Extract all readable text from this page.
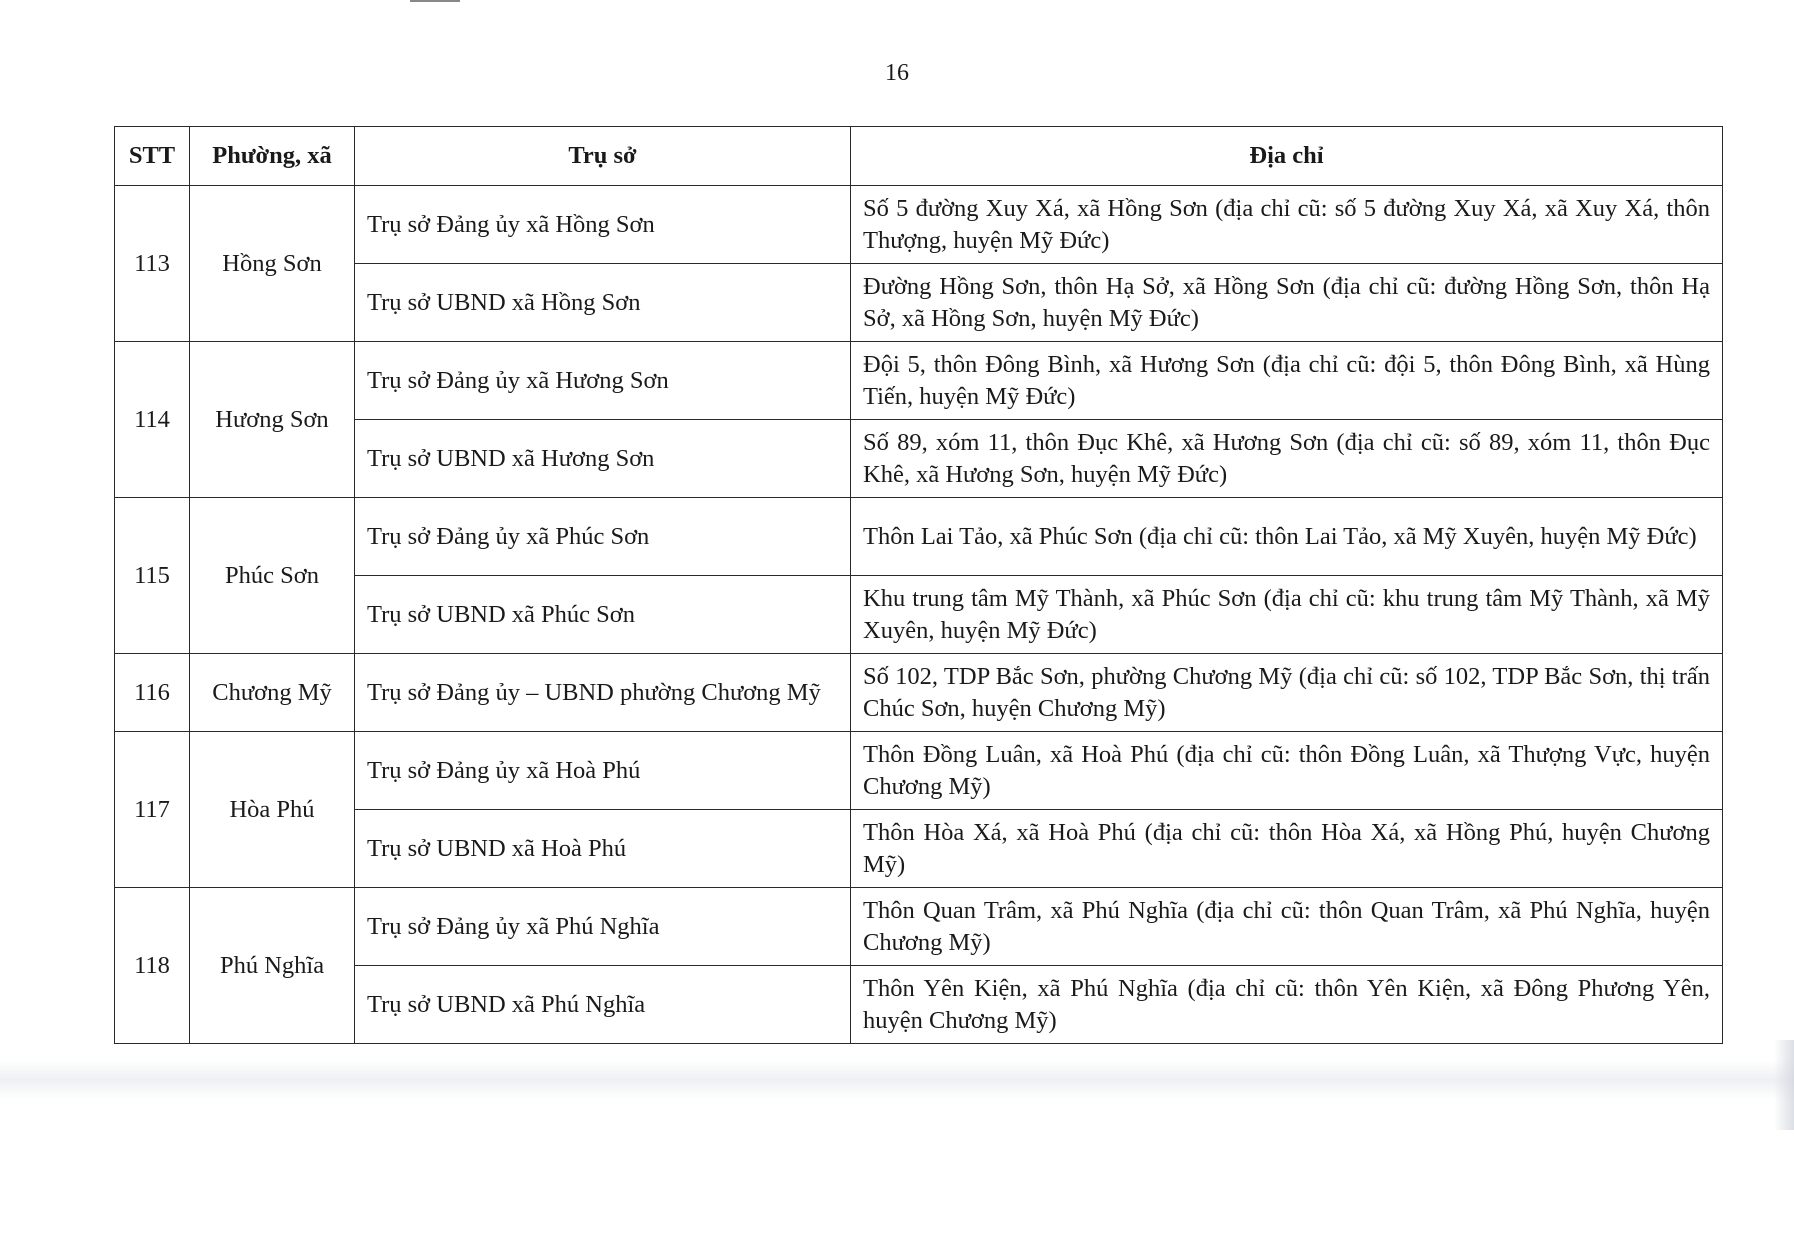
16
STT	Phường, xã	Trụ sở	Địa chỉ
113	Hồng Sơn	Trụ sở Đảng ủy xã Hồng Sơn	Số 5 đường Xuy Xá, xã Hồng Sơn (địa chỉ cũ: số 5 đường Xuy Xá, xã Xuy Xá, thôn Thượng, huyện Mỹ Đức)
		Trụ sở UBND xã Hồng Sơn	Đường Hồng Sơn, thôn Hạ Sở, xã Hồng Sơn (địa chỉ cũ: đường Hồng Sơn, thôn Hạ Sở, xã Hồng Sơn, huyện Mỹ Đức)
114	Hương Sơn	Trụ sở Đảng ủy xã Hương Sơn	Đội 5, thôn Đông Bình, xã Hương Sơn (địa chỉ cũ: đội 5, thôn Đông Bình, xã Hùng Tiến, huyện Mỹ Đức)
		Trụ sở UBND xã Hương Sơn	Số 89, xóm 11, thôn Đục Khê, xã Hương Sơn (địa chỉ cũ: số 89, xóm 11, thôn Đục Khê, xã Hương Sơn, huyện Mỹ Đức)
115	Phúc Sơn	Trụ sở Đảng ủy xã Phúc Sơn	Thôn Lai Tảo, xã Phúc Sơn (địa chỉ cũ: thôn Lai Tảo, xã Mỹ Xuyên, huyện Mỹ Đức)
		Trụ sở UBND xã Phúc Sơn	Khu trung tâm Mỹ Thành, xã Phúc Sơn (địa chỉ cũ: khu trung tâm Mỹ Thành, xã Mỹ Xuyên, huyện Mỹ Đức)
116	Chương Mỹ	Trụ sở Đảng ủy – UBND phường Chương Mỹ	Số 102, TDP Bắc Sơn, phường Chương Mỹ (địa chỉ cũ: số 102, TDP Bắc Sơn, thị trấn Chúc Sơn, huyện Chương Mỹ)
117	Hòa Phú	Trụ sở Đảng ủy xã Hoà Phú	Thôn Đồng Luân, xã Hoà Phú (địa chỉ cũ: thôn Đồng Luân, xã Thượng Vực, huyện Chương Mỹ)
		Trụ sở UBND xã Hoà Phú	Thôn Hòa Xá, xã Hoà Phú (địa chỉ cũ: thôn Hòa Xá, xã Hồng Phú, huyện Chương Mỹ)
118	Phú Nghĩa	Trụ sở Đảng ủy xã Phú Nghĩa	Thôn Quan Trâm, xã Phú Nghĩa (địa chỉ cũ: thôn Quan Trâm, xã Phú Nghĩa, huyện Chương Mỹ)
		Trụ sở UBND xã Phú Nghĩa	Thôn Yên Kiện, xã Phú Nghĩa (địa chỉ cũ: thôn Yên Kiện, xã Đông Phương Yên, huyện Chương Mỹ)
